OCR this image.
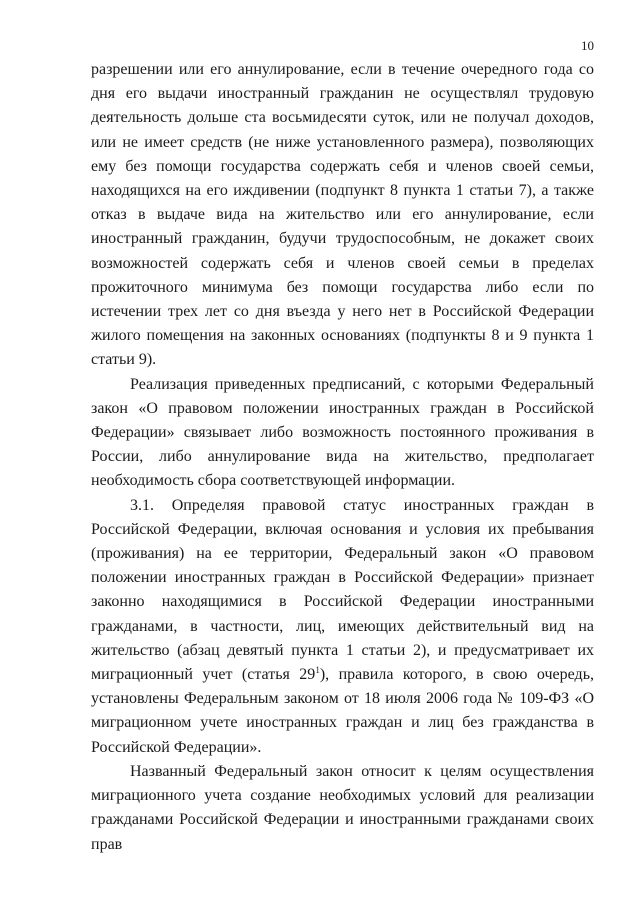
10

разрешении или его аннулирование, если в течение очередного года со дня его выдачи иностранный гражданин не осуществлял трудовую деятельность дольше ста восьмидесяти суток, или не получал доходов, или не имеет средств (не ниже установленного размера), позволяющих ему без помощи государства содержать себя и членов своей семьи, находящихся на его иждивении (подпункт 8 пункта 1 статьи 7), а также отказ в выдаче вида на жительство или его аннулирование, если иностранный гражданин, будучи трудоспособным, не докажет своих возможностей содержать себя и членов своей семьи в пределах прожиточного минимума без помощи государства либо если по истечении трех лет со дня въезда у него нет в Российской Федерации жилого помещения на законных основаниях (подпункты 8 и 9 пункта 1 статьи 9).

Реализация приведенных предписаний, с которыми Федеральный закон «О правовом положении иностранных граждан в Российской Федерации» связывает либо возможность постоянного проживания в России, либо аннулирование вида на жительство, предполагает необходимость сбора соответствующей информации.

3.1. Определяя правовой статус иностранных граждан в Российской Федерации, включая основания и условия их пребывания (проживания) на ее территории, Федеральный закон «О правовом положении иностранных граждан в Российской Федерации» признает законно находящимися в Российской Федерации иностранными гражданами, в частности, лиц, имеющих действительный вид на жительство (абзац девятый пункта 1 статьи 2), и предусматривает их миграционный учет (статья $29^1$), правила которого, в свою очередь, установлены Федеральным законом от 18 июля 2006 года № 109-ФЗ «О миграционном учете иностранных граждан и лиц без гражданства в Российской Федерации».

Названный Федеральный закон относит к целям осуществления миграционного учета создание необходимых условий для реализации гражданами Российской Федерации и иностранными гражданами своих прав
